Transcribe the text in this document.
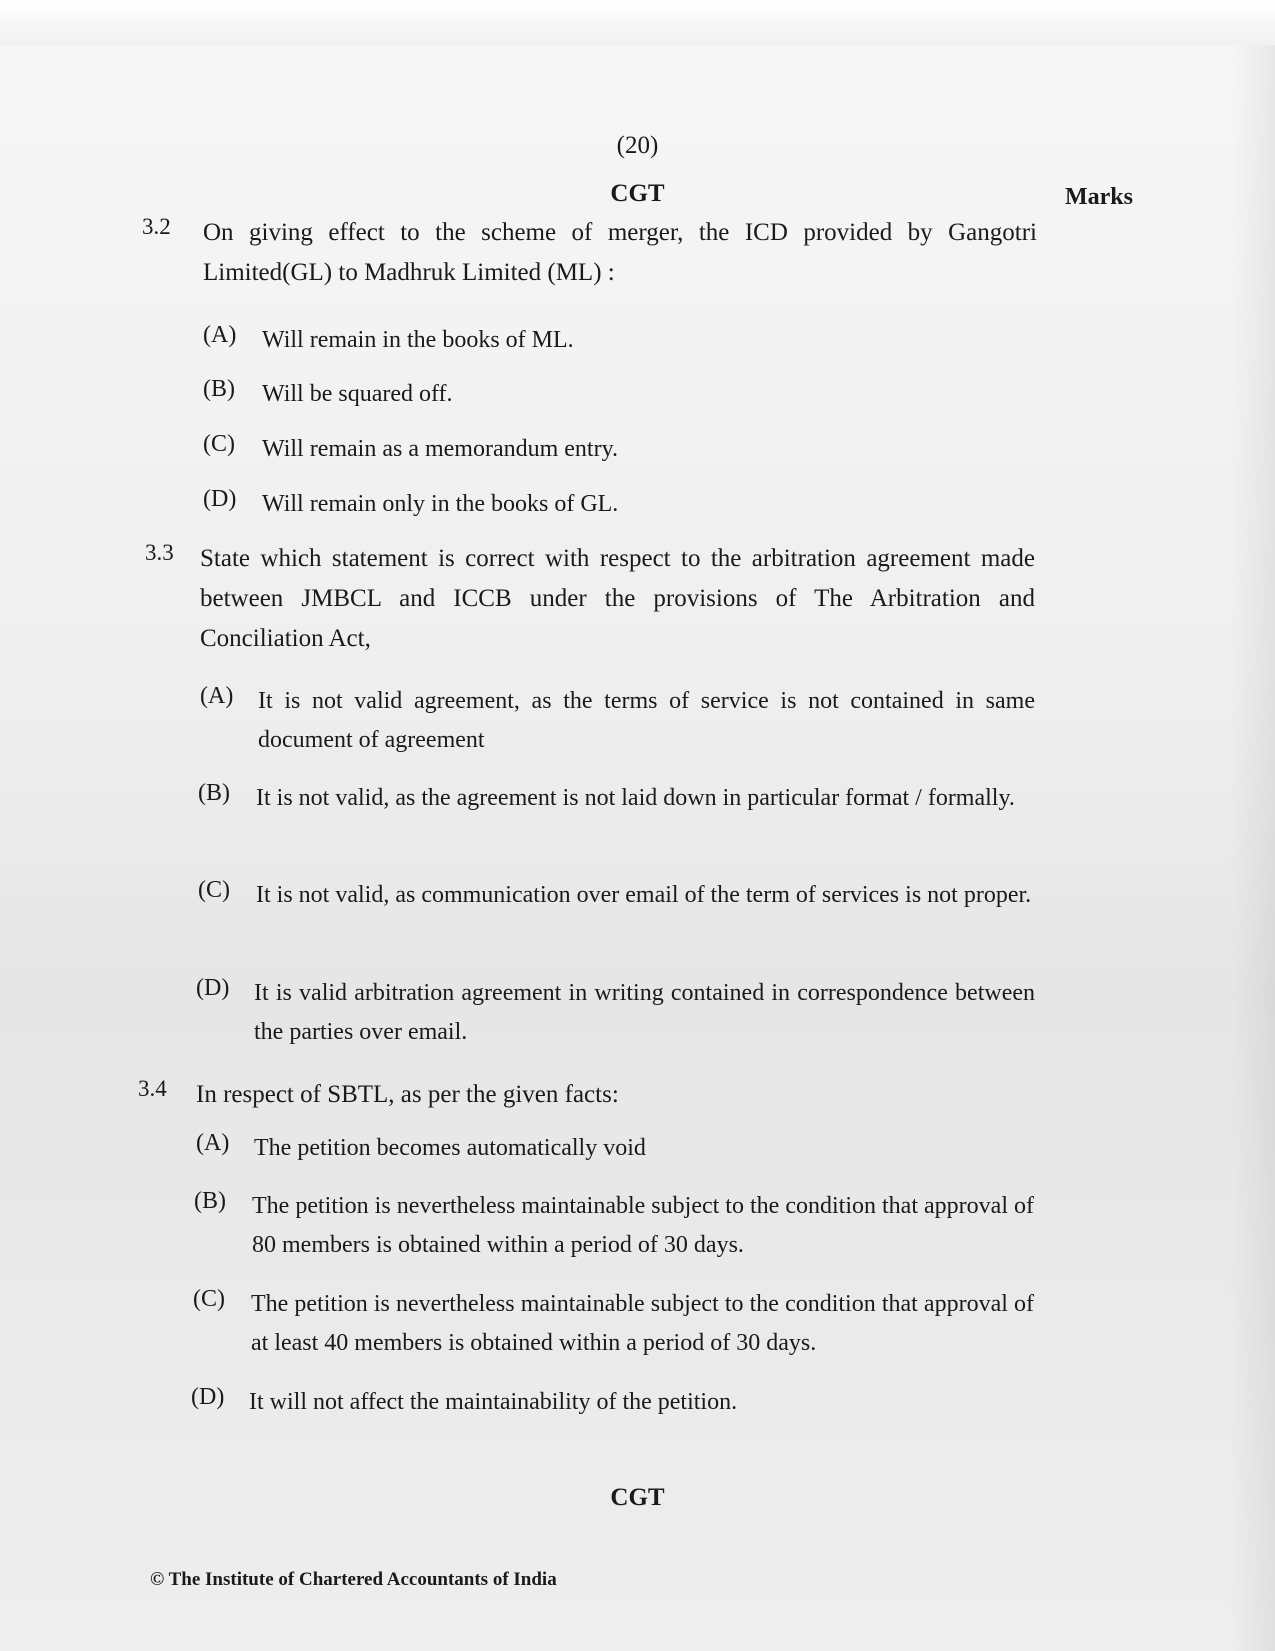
(20)
CGT	Marks
3.2 On giving effect to the scheme of merger, the ICD provided by Gangotri Limited(GL) to Madhruk Limited (ML) :
(A) Will remain in the books of ML.
(B) Will be squared off.
(C) Will remain as a memorandum entry.
(D) Will remain only in the books of GL.
3.3 State which statement is correct with respect to the arbitration agreement made between JMBCL and ICCB under the provisions of The Arbitration and Conciliation Act,
(A) It is not valid agreement, as the terms of service is not contained in same document of agreement
(B) It is not valid, as the agreement is not laid down in particular format / formally.
(C) It is not valid, as communication over email of the term of services is not proper.
(D) It is valid arbitration agreement in writing contained in correspondence between the parties over email.
3.4 In respect of SBTL, as per the given facts:
(A) The petition becomes automatically void
(B) The petition is nevertheless maintainable subject to the condition that approval of 80 members is obtained within a period of 30 days.
(C) The petition is nevertheless maintainable subject to the condition that approval of at least 40 members is obtained within a period of 30 days.
(D) It will not affect the maintainability of the petition.
CGT
© The Institute of Chartered Accountants of India
